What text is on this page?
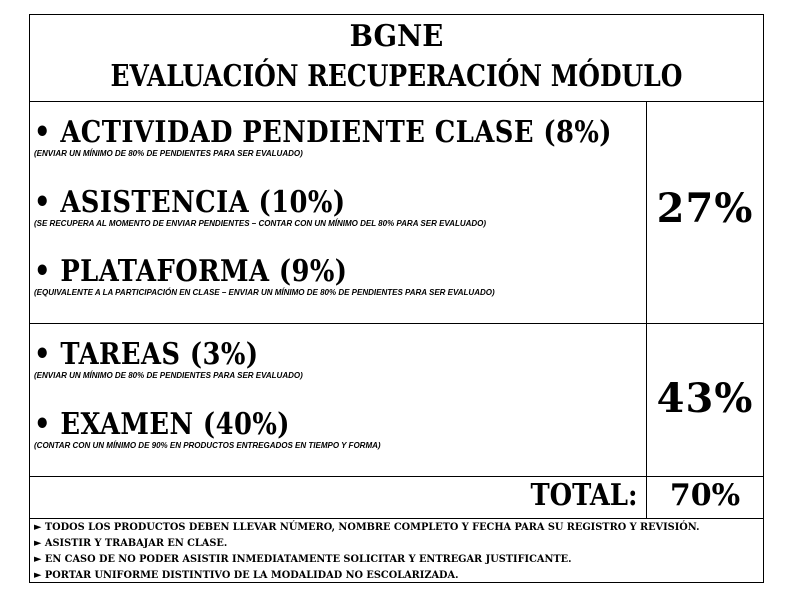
BGNE
EVALUACIÓN RECUPERACIÓN MÓDULO
• ACTIVIDAD PENDIENTE CLASE (8%)
(ENVIAR UN MÍNIMO DE 80% DE PENDIENTES PARA SER EVALUADO)
• ASISTENCIA (10%)
(SE RECUPERA AL MOMENTO DE ENVIAR PENDIENTES – CONTAR CON UN MÍNIMO DEL 80% PARA SER EVALUADO)
• PLATAFORMA (9%)
(EQUIVALENTE A LA PARTICIPACIÓN EN CLASE – ENVIAR UN MÍNIMO DE 80% DE PENDIENTES PARA SER EVALUADO)
27%
• TAREAS (3%)
(ENVIAR UN MÍNIMO DE 80% DE PENDIENTES PARA SER EVALUADO)
• EXAMEN (40%)
(CONTAR CON UN MÍNIMO DE 90% EN PRODUCTOS ENTREGADOS EN TIEMPO Y FORMA)
43%
TOTAL:	70%
► TODOS LOS PRODUCTOS DEBEN LLEVAR NÚMERO, NOMBRE COMPLETO Y FECHA PARA SU REGISTRO Y REVISIÓN.
► ASISTIR Y TRABAJAR EN CLASE.
► EN CASO DE NO PODER ASISTIR INMEDIATAMENTE SOLICITAR Y ENTREGAR JUSTIFICANTE.
► PORTAR UNIFORME DISTINTIVO DE LA MODALIDAD NO ESCOLARIZADA.
